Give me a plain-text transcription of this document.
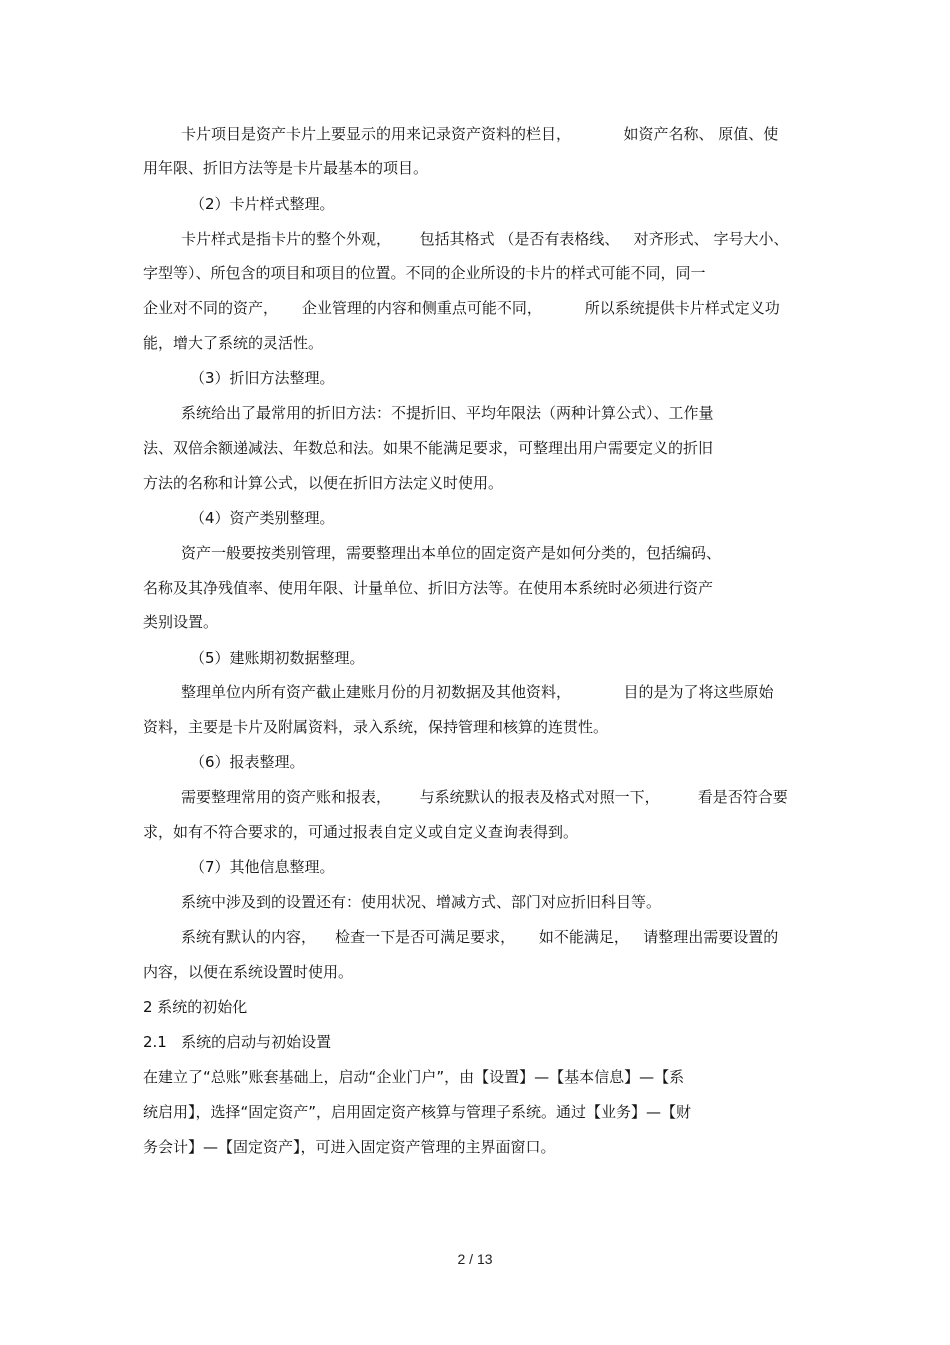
卡片项目是资产卡片上要显示的用来记录资产资料的栏目，           如资产名称、 原值、使
用年限、折旧方法等是卡片最基本的项目。
（2）卡片样式整理。
卡片样式是指卡片的整个外观，      包括其格式 （是否有表格线、   对齐形式、 字号大小、
字型等）、所包含的项目和项目的位置。不同的企业所设的卡片的样式可能不同，同一
企业对不同的资产，     企业管理的内容和侧重点可能不同，         所以系统提供卡片样式定义功
能，增大了系统的灵活性。
（3）折旧方法整理。
系统给出了最常用的折旧方法：不提折旧、平均年限法（两种计算公式）、工作量
法、双倍余额递减法、年数总和法。如果不能满足要求，可整理出用户需要定义的折旧
方法的名称和计算公式，以便在折旧方法定义时使用。
（4）资产类别整理。
资产一般要按类别管理，需要整理出本单位的固定资产是如何分类的，包括编码、
名称及其净残值率、使用年限、计量单位、折旧方法等。在使用本系统时必须进行资产
类别设置。
（5）建账期初数据整理。
整理单位内所有资产截止建账月份的月初数据及其他资料，           目的是为了将这些原始
资料，主要是卡片及附属资料，录入系统，保持管理和核算的连贯性。
（6）报表整理。
需要整理常用的资产账和报表，      与系统默认的报表及格式对照一下，        看是否符合要
求，如有不符合要求的，可通过报表自定义或自定义查询表得到。
（7）其他信息整理。
系统中涉及到的设置还有：使用状况、增减方式、部门对应折旧科目等。
系统有默认的内容，    检查一下是否可满足要求，     如不能满足，   请整理出需要设置的
内容，以便在系统设置时使用。
2 系统的初始化
2.1   系统的启动与初始设置
在建立了“总账”账套基础上，启动“企业门户”，由【设置】—【基本信息】—【系
统启用】，选择“固定资产”，启用固定资产核算与管理子系统。通过【业务】—【财
务会计】—【固定资产】，可进入固定资产管理的主界面窗口。
2 / 13
